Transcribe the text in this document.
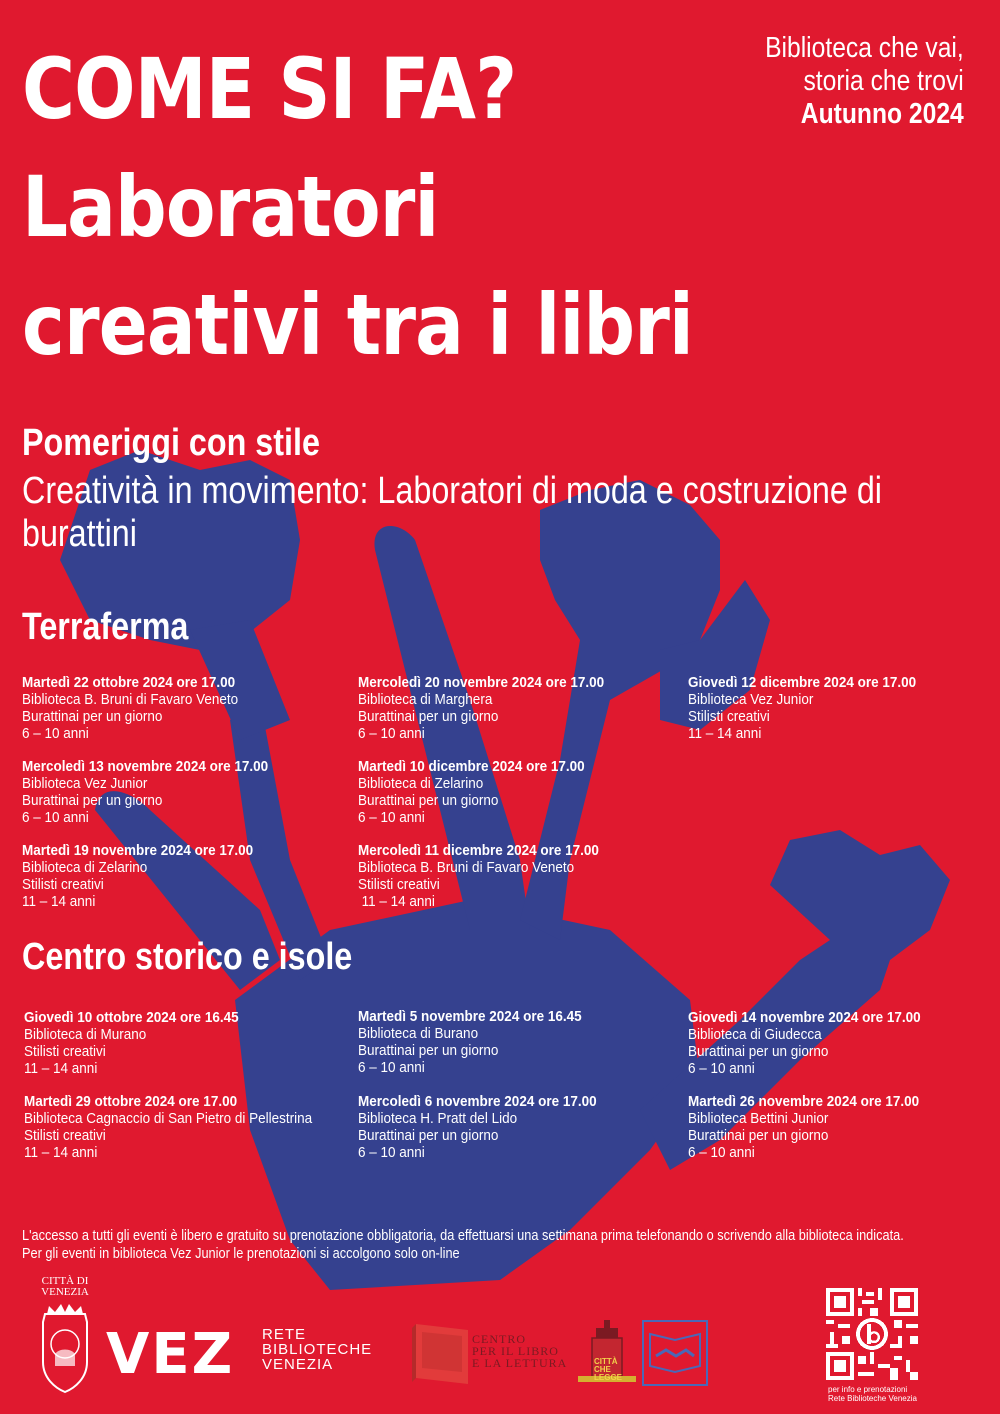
COME SI FA?
Laboratori
creativi tra i libri
Biblioteca che vai,
storia che trovi
Autunno 2024
Pomeriggi con stile
Creatività in movimento: Laboratori di moda e costruzione di burattini
Terraferma
Martedì 22 ottobre 2024 ore 17.00
Biblioteca B. Bruni di Favaro Veneto
Burattinai per un giorno
6 – 10 anni
Mercoledì 20 novembre 2024 ore 17.00
Biblioteca di Marghera
Burattinai per un giorno
6 – 10 anni
Giovedì 12 dicembre 2024 ore 17.00
Biblioteca Vez Junior
Stilisti creativi
11 – 14 anni
Mercoledì 13 novembre 2024 ore 17.00
Biblioteca Vez Junior
Burattinai per un giorno
6 – 10 anni
Martedì 10 dicembre 2024 ore 17.00
Biblioteca di Zelarino
Burattinai per un giorno
6 – 10 anni
Martedì 19 novembre 2024 ore 17.00
Biblioteca di Zelarino
Stilisti creativi
11 – 14 anni
Mercoledì 11 dicembre 2024 ore 17.00
Biblioteca B. Bruni di Favaro Veneto
Stilisti creativi
11 – 14 anni
Centro storico e isole
Giovedì 10 ottobre 2024 ore 16.45
Biblioteca di Murano
Stilisti creativi
11 – 14 anni
Martedì 5 novembre 2024 ore 16.45
Biblioteca di Burano
Burattinai per un giorno
6 – 10 anni
Giovedì 14 novembre 2024 ore 17.00
Biblioteca di Giudecca
Burattinai per un giorno
6 – 10 anni
Martedì 29 ottobre 2024 ore 17.00
Biblioteca Cagnaccio di San Pietro di Pellestrina
Stilisti creativi
11 – 14 anni
Mercoledì 6 novembre 2024 ore 17.00
Biblioteca H. Pratt del Lido
Burattinai per un giorno
6 – 10 anni
Martedì 26 novembre 2024 ore 17.00
Biblioteca Bettini Junior
Burattinai per un giorno
6 – 10 anni
L'accesso a tutti gli eventi è libero e gratuito su prenotazione obbligatoria, da effettuarsi una settimana prima telefonando o scrivendo alla biblioteca indicata.
Per gli eventi in biblioteca Vez Junior le prenotazioni si accolgono solo on-line
CITTÀ DI
VENEZIA
VEZ RETE
BIBLIOTECHE
VENEZIA
CENTRO
PER IL LIBRO
E LA LETTURA	CITTÀ CHE LEGGE
per info e prenotazioni
Rete Biblioteche Venezia
